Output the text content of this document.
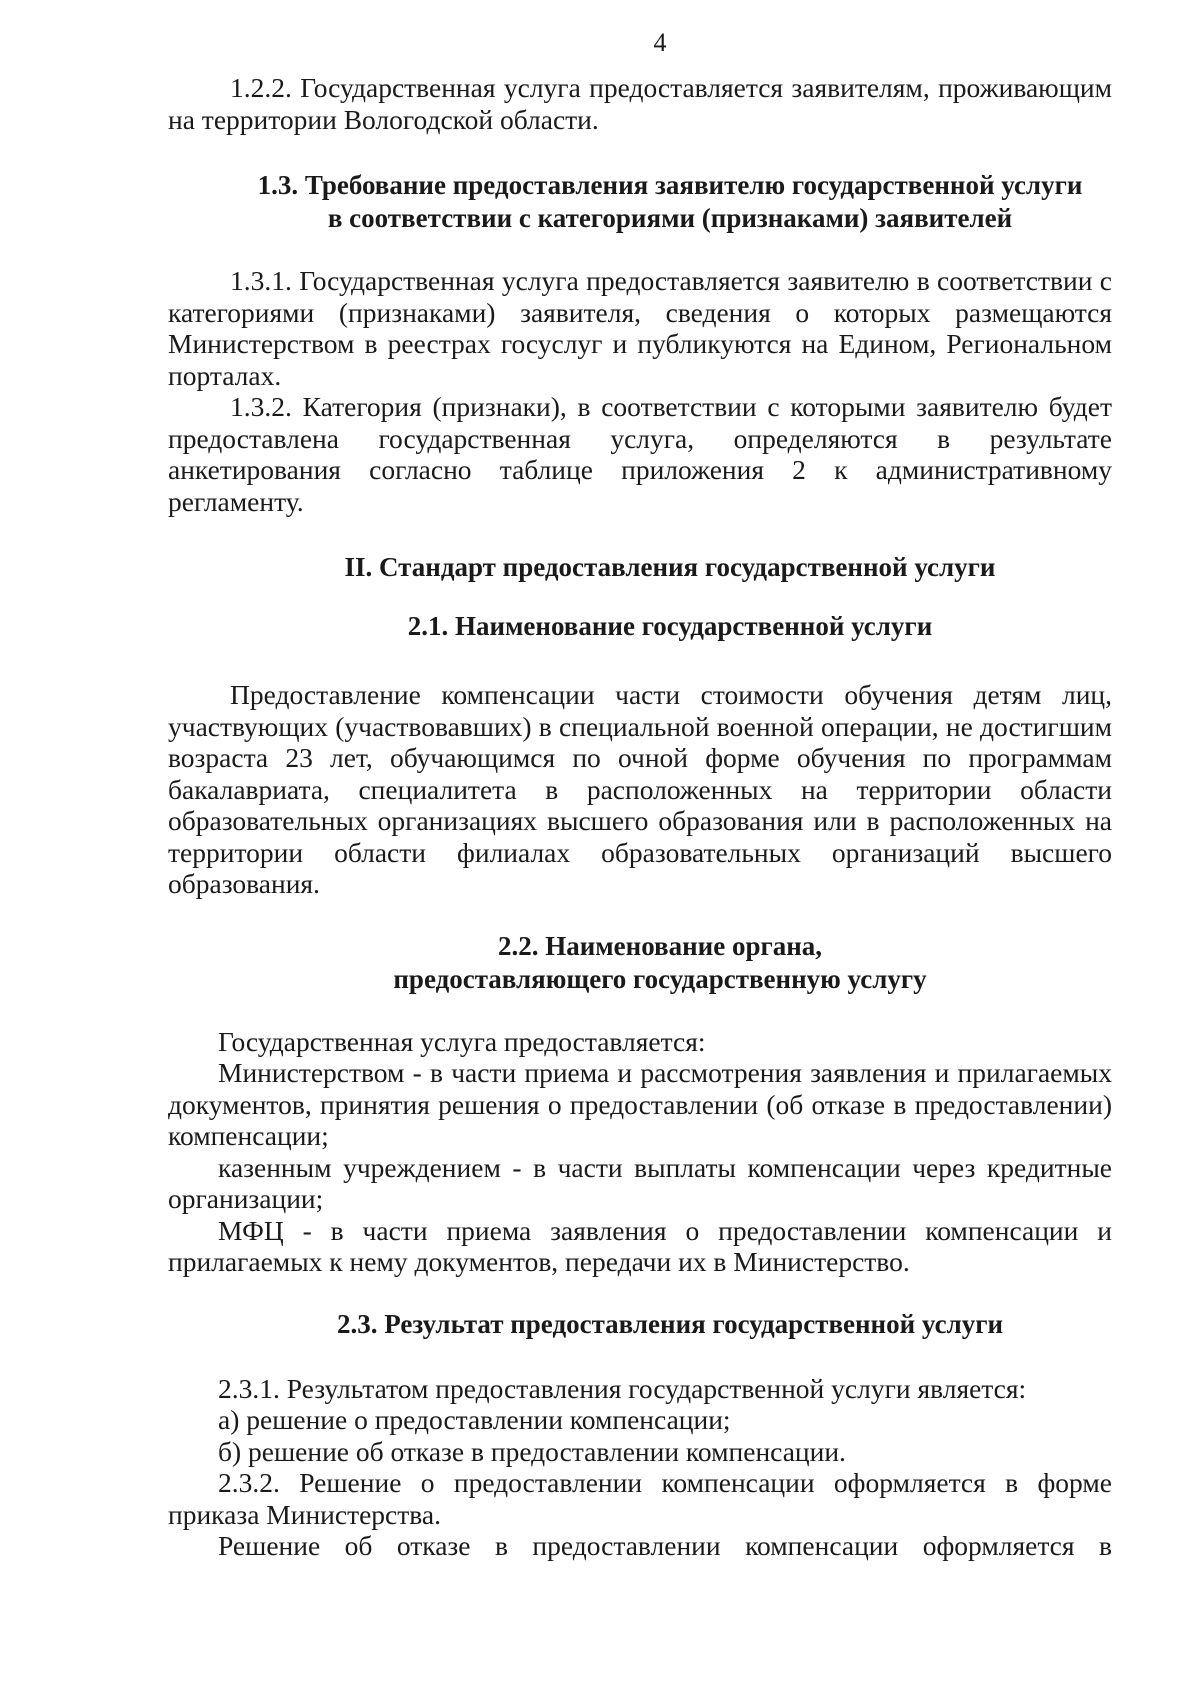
4

1.2.2. Государственная услуга предоставляется заявителям, проживающим на территории Вологодской области.

1.3. Требование предоставления заявителю государственной услуги
в соответствии с категориями (признаками) заявителей

1.3.1. Государственная услуга предоставляется заявителю в соответствии с категориями (признаками) заявителя, сведения о которых размещаются Министерством в реестрах госуслуг и публикуются на Едином, Региональном порталах.

1.3.2. Категория (признаки), в соответствии с которыми заявителю будет предоставлена государственная услуга, определяются в результате анкетирования согласно таблице приложения 2 к административному регламенту.

II. Стандарт предоставления государственной услуги
2.1. Наименование государственной услуги

Предоставление компенсации части стоимости обучения детям лиц, участвующих (участвовавших) в специальной военной операции, не достигшим возраста 23 лет, обучающимся по очной форме обучения по программам бакалавриата, специалитета в расположенных на территории области образовательных организациях высшего образования или в расположенных на территории области филиалах образовательных организаций высшего образования.

2.2. Наименование органа,
предоставляющего государственную услугу

Государственная услуга предоставляется:

Министерством - в части приема и рассмотрения заявления и прилагаемых документов, принятия решения о предоставлении (об отказе в предоставлении) компенсации;

казенным учреждением - в части выплаты компенсации через кредитные организации;

МФЦ - в части приема заявления о предоставлении компенсации и прилагаемых к нему документов, передачи их в Министерство.

2.3. Результат предоставления государственной услуги

2.3.1. Результатом предоставления государственной услуги является:

а) решение о предоставлении компенсации;

б) решение об отказе в предоставлении компенсации.

2.3.2. Решение о предоставлении компенсации оформляется в форме приказа Министерства.

Решение об отказе в предоставлении компенсации оформляется в
